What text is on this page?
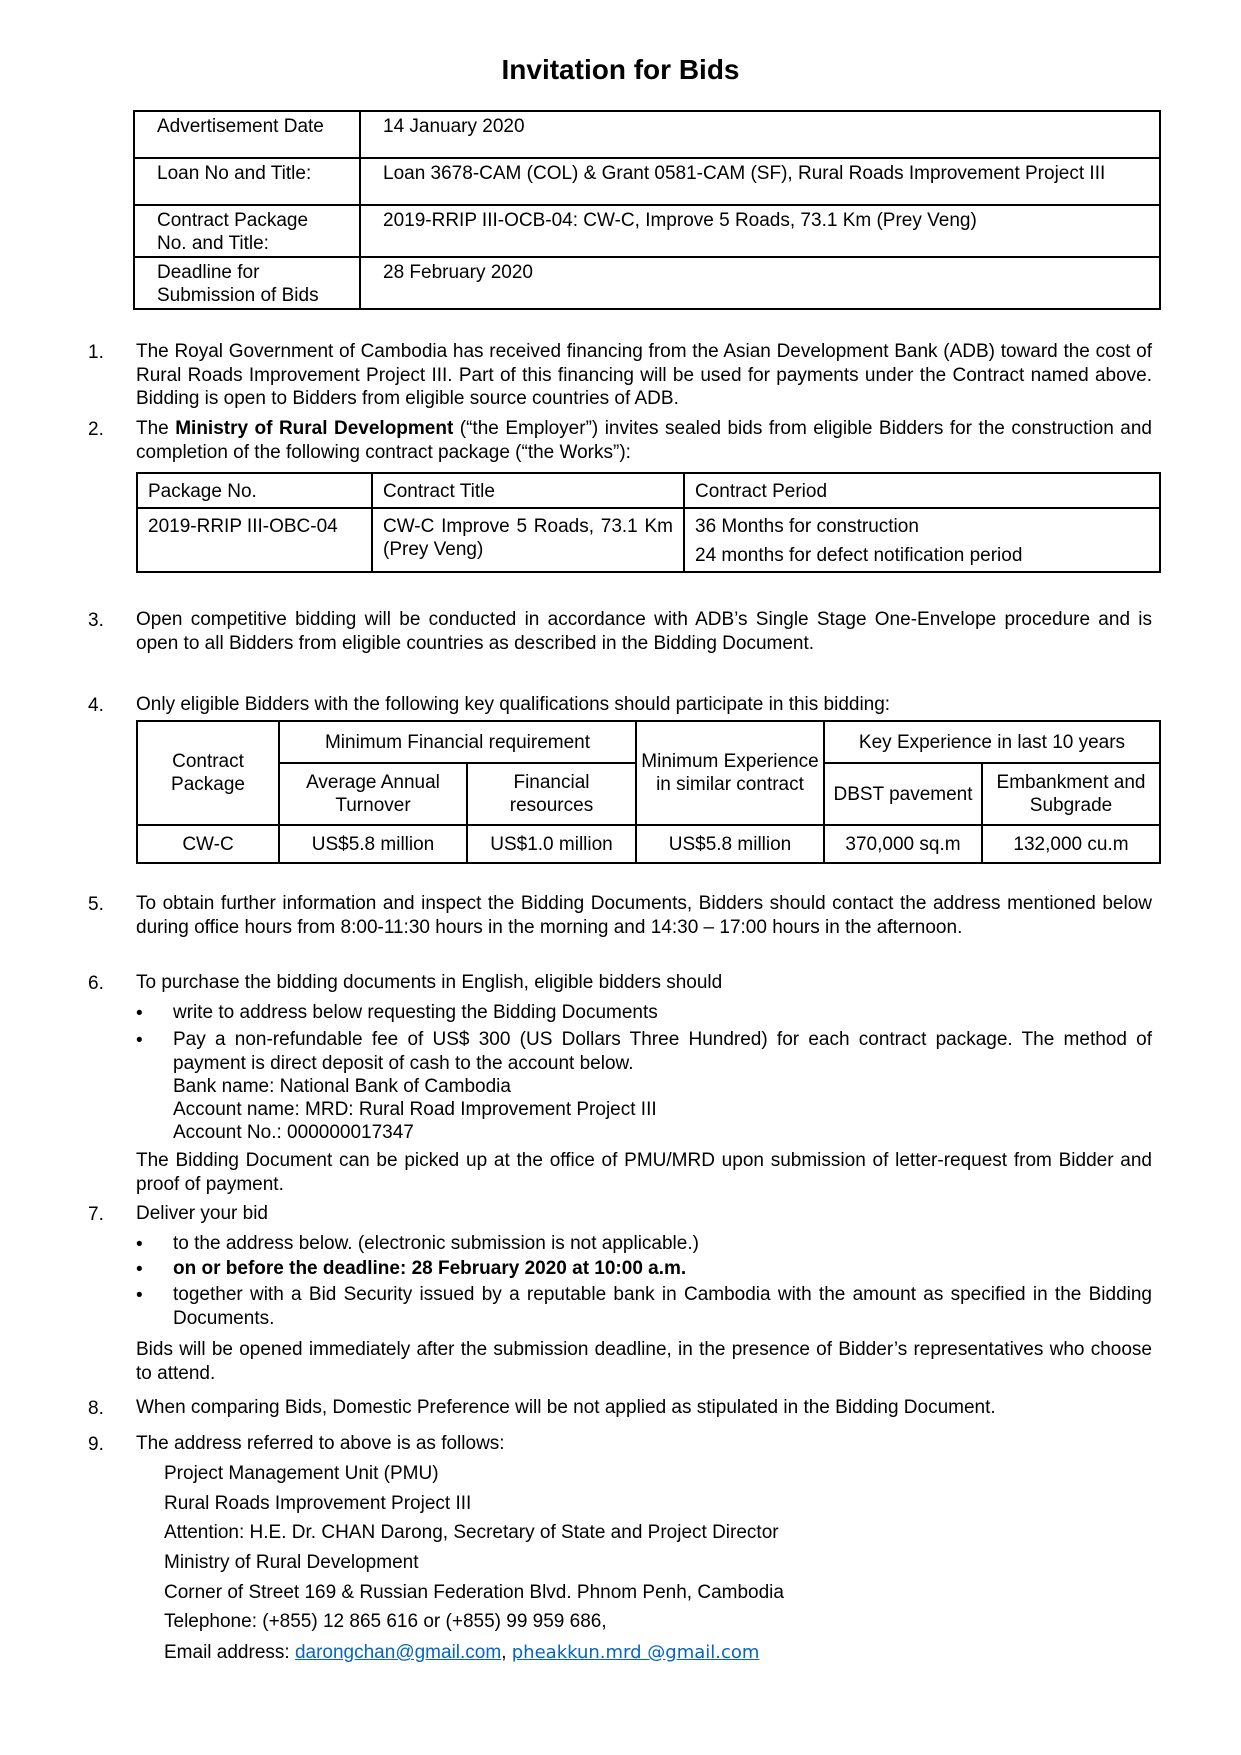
Invitation for Bids
Advertisement Date	14 January 2020
Loan No and Title:	Loan 3678-CAM (COL) & Grant 0581-CAM (SF), Rural Roads Improvement Project III
Contract Package No. and Title:	2019-RRIP III-OCB-04: CW-C, Improve 5 Roads, 73.1 Km (Prey Veng)
Deadline for Submission of Bids	28 February 2020
1. The Royal Government of Cambodia has received financing from the Asian Development Bank (ADB) toward the cost of Rural Roads Improvement Project III. Part of this financing will be used for payments under the Contract named above. Bidding is open to Bidders from eligible source countries of ADB.
2. The Ministry of Rural Development (“the Employer”) invites sealed bids from eligible Bidders for the construction and completion of the following contract package (“the Works”):
Package No.	Contract Title	Contract Period
2019-RRIP III-OBC-04	CW-C Improve 5 Roads, 73.1 Km (Prey Veng)	36 Months for construction
24 months for defect notification period
3. Open competitive bidding will be conducted in accordance with ADB’s Single Stage One-Envelope procedure and is open to all Bidders from eligible countries as described in the Bidding Document.
4. Only eligible Bidders with the following key qualifications should participate in this bidding:
Contract Package	Minimum Financial requirement		Minimum Experience in similar contract	Key Experience in last 10 years	
	Average Annual Turnover	Financial resources		DBST pavement	Embankment and Subgrade
CW-C	US$5.8 million	US$1.0 million	US$5.8 million	370,000 sq.m	132,000 cu.m
5. To obtain further information and inspect the Bidding Documents, Bidders should contact the address mentioned below during office hours from 8:00-11:30 hours in the morning and 14:30 – 17:00 hours in the afternoon.
6. To purchase the bidding documents in English, eligible bidders should
• write to address below requesting the Bidding Documents
• Pay a non-refundable fee of US$ 300 (US Dollars Three Hundred) for each contract package. The method of payment is direct deposit of cash to the account below.
Bank name: National Bank of Cambodia
Account name: MRD: Rural Road Improvement Project III
Account No.: 000000017347
The Bidding Document can be picked up at the office of PMU/MRD upon submission of letter-request from Bidder and proof of payment.
7. Deliver your bid
• to the address below. (electronic submission is not applicable.)
• on or before the deadline: 28 February 2020 at 10:00 a.m.
• together with a Bid Security issued by a reputable bank in Cambodia with the amount as specified in the Bidding Documents.
Bids will be opened immediately after the submission deadline, in the presence of Bidder’s representatives who choose to attend.
8. When comparing Bids, Domestic Preference will be not applied as stipulated in the Bidding Document.
9. The address referred to above is as follows:
Project Management Unit (PMU)
Rural Roads Improvement Project III
Attention: H.E. Dr. CHAN Darong, Secretary of State and Project Director
Ministry of Rural Development
Corner of Street 169 & Russian Federation Blvd. Phnom Penh, Cambodia
Telephone: (+855) 12 865 616 or (+855) 99 959 686,
Email address: darongchan@gmail.com, pheakkun.mrd @gmail.com
